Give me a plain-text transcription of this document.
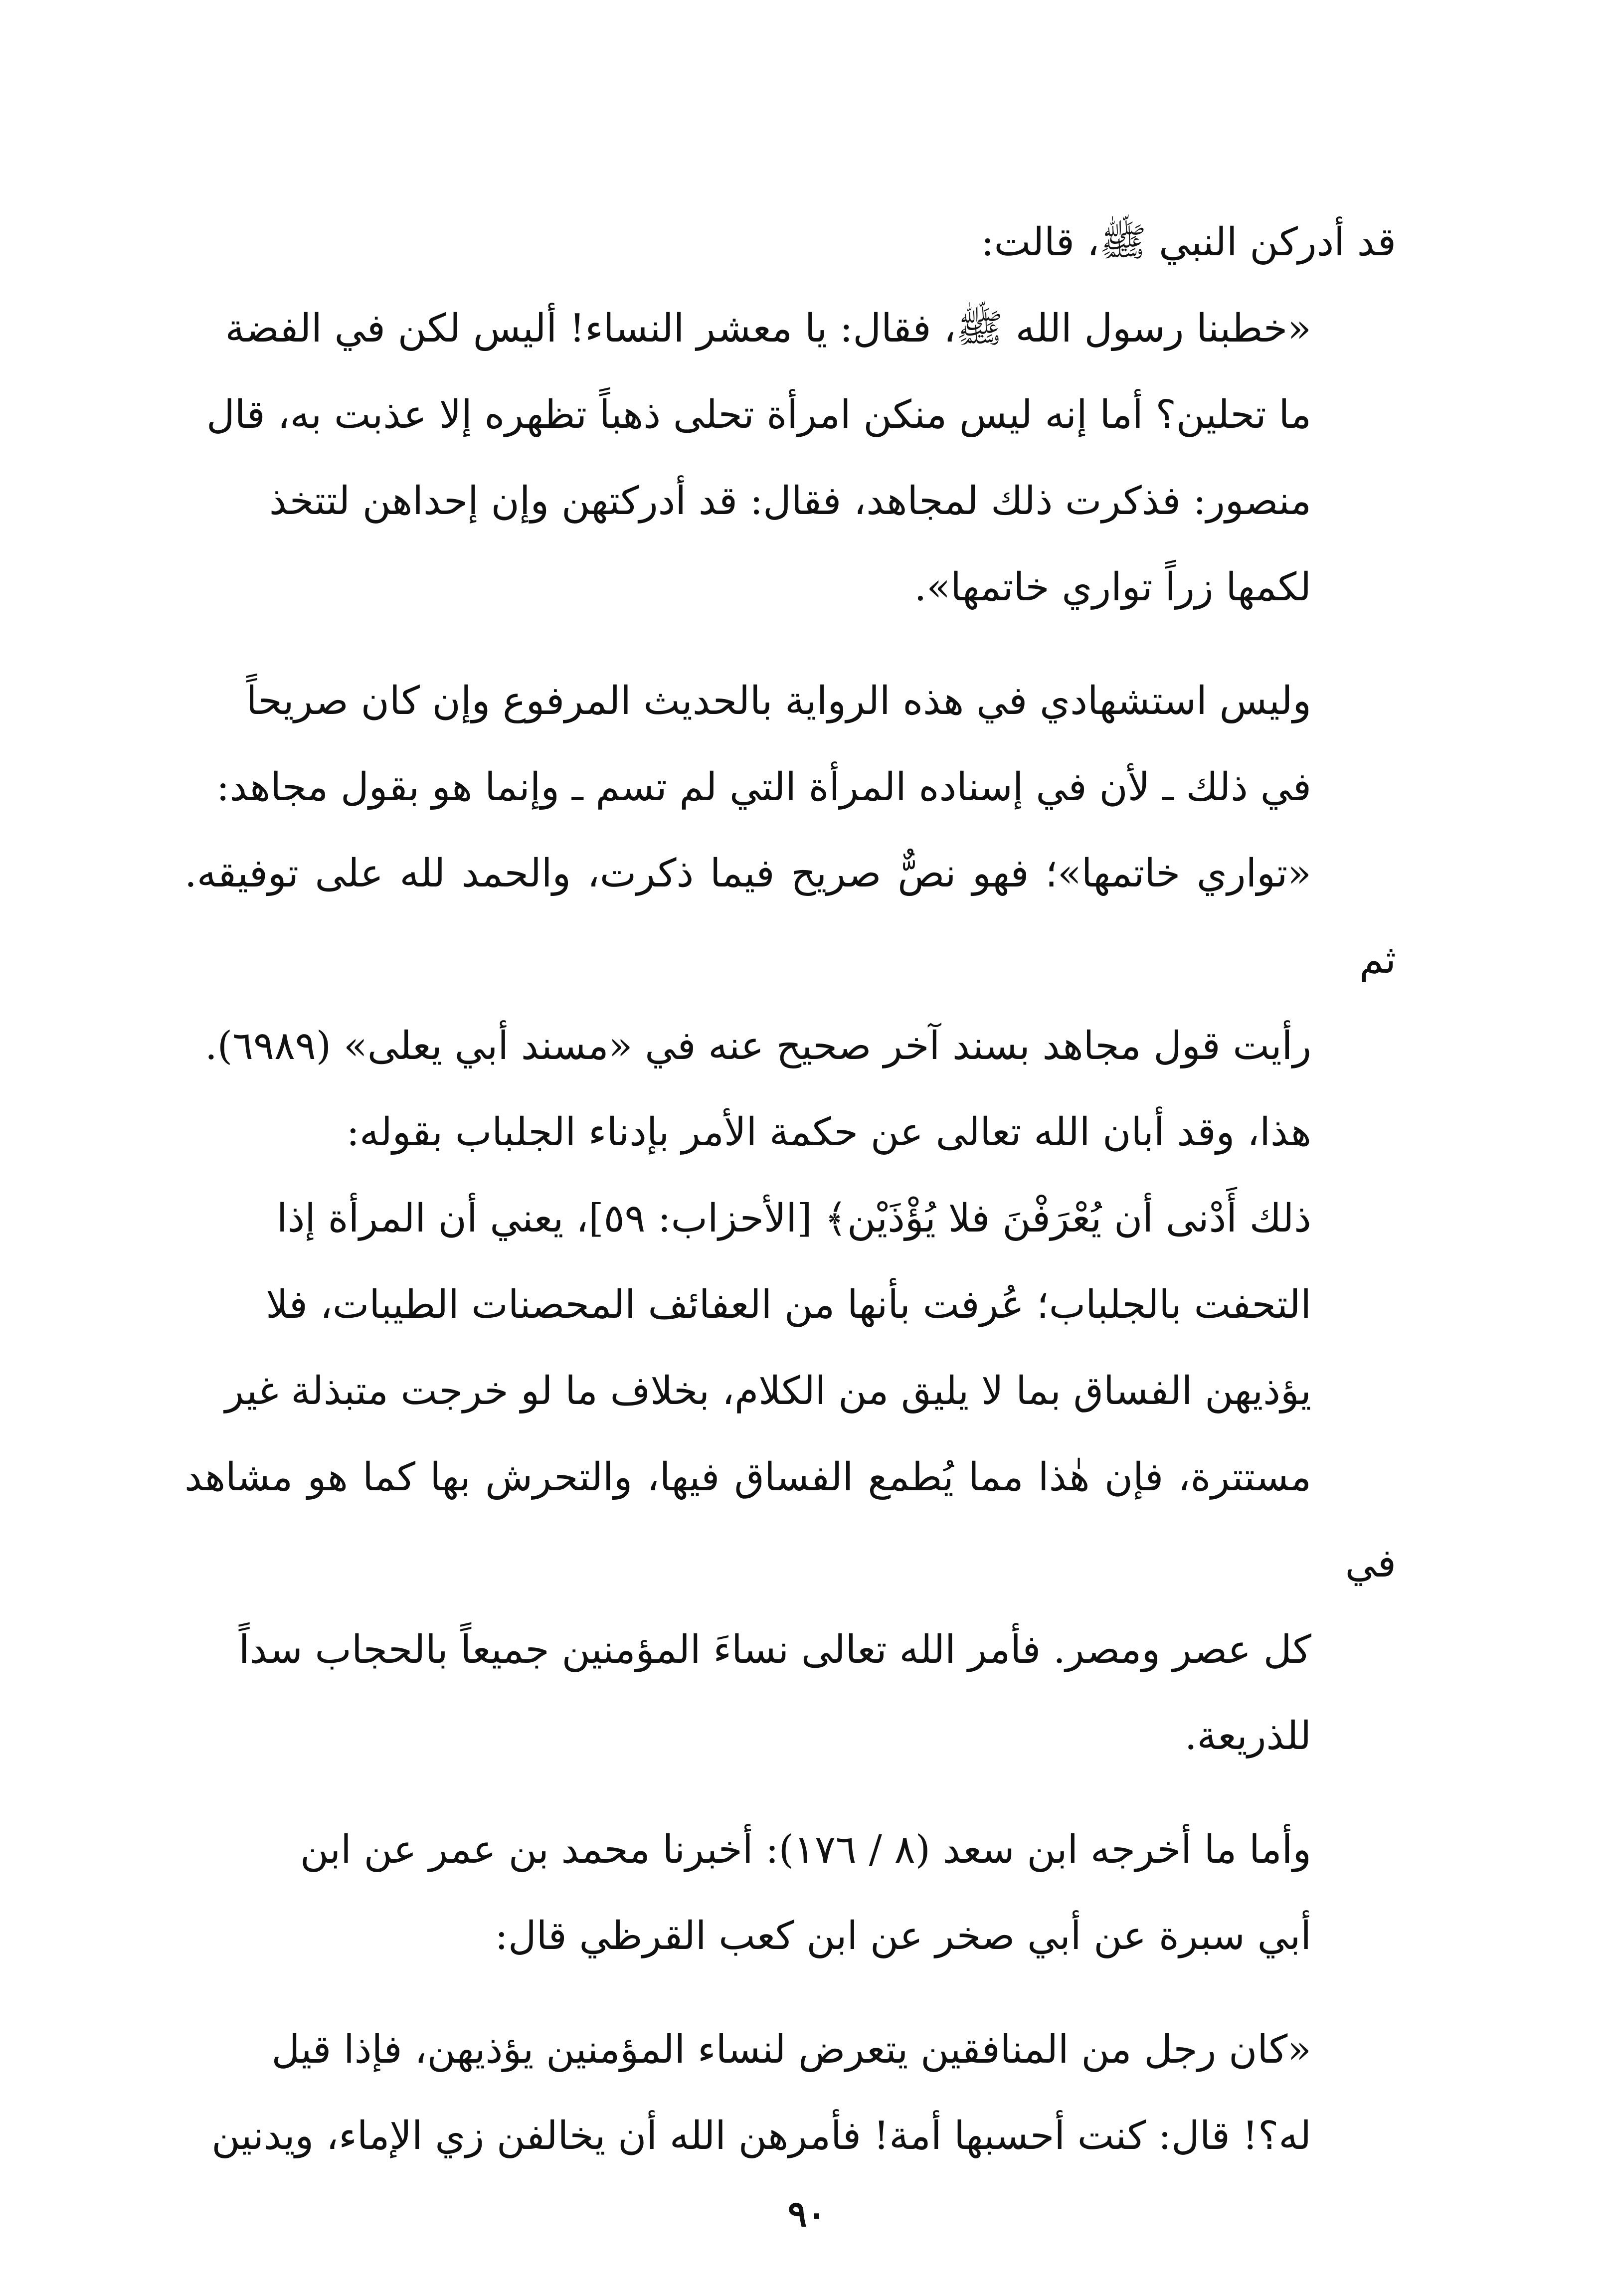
قد أدركن النبي ﷺ، قالت:

«خطبنا رسول الله ﷺ، فقال: يا معشر النساء! أليس لكن في الفضة
ما تحلين؟ أما إنه ليس منكن امرأة تحلى ذهباً تظهره إلا عذبت به، قال
منصور: فذكرت ذلك لمجاهد، فقال: قد أدركتهن وإن إحداهن لتتخذ
لكمها زراً تواري خاتمها».

وليس استشهادي في هذه الرواية بالحديث المرفوع وإن كان صريحاً
في ذلك ـ لأن في إسناده المرأة التي لم تسم ـ وإنما هو بقول مجاهد:
«تواري خاتمها»؛ فهو نصٌّ صريح فيما ذكرت، والحمد لله على توفيقه. ثم
رأيت قول مجاهد بسند آخر صحيح عنه في «مسند أبي يعلى» (٦٩٨٩).

هذا، وقد أبان الله تعالى عن حكمة الأمر بإدناء الجلباب بقوله:
ذلك أَدْنى أن يُعْرَفْنَ فلا يُؤْذَيْن﴾ [الأحزاب: ٥٩]، يعني أن المرأة إذا
التحفت بالجلباب؛ عُرفت بأنها من العفائف المحصنات الطيبات، فلا
يؤذيهن الفساق بما لا يليق من الكلام، بخلاف ما لو خرجت متبذلة غير
مستترة، فإن هٰذا مما يُطمع الفساق فيها، والتحرش بها كما هو مشاهد في
كل عصر ومصر. فأمر الله تعالى نساءَ المؤمنين جميعاً بالحجاب سداً
للذريعة.

وأما ما أخرجه ابن سعد (٨ / ١٧٦): أخبرنا محمد بن عمر عن ابن
أبي سبرة عن أبي صخر عن ابن كعب القرظي قال:

«كان رجل من المنافقين يتعرض لنساء المؤمنين يؤذيهن، فإذا قيل
له؟! قال: كنت أحسبها أمة! فأمرهن الله أن يخالفن زي الإماء، ويدنين

٩٠
